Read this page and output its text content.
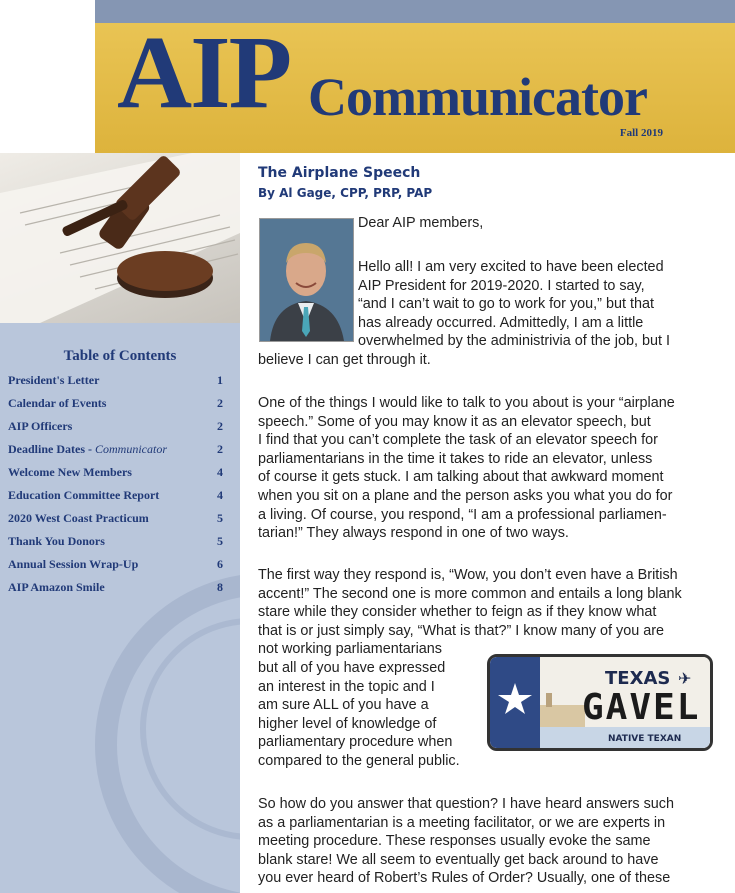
AIP Communicator
Fall 2019
Table of Contents
President's Letter	1
Calendar of Events	2
AIP Officers	2
Deadline Dates - Communicator	2
Welcome New Members	4
Education Committee Report	4
2020 West Coast Practicum	5
Thank You Donors	5
Annual Session Wrap-Up	6
AIP Amazon Smile	8
The Airplane Speech
By Al Gage, CPP, PRP, PAP
Dear AIP members,
Hello all! I am very excited to have been elected
AIP President for 2019-2020. I started to say,
“and I can’t wait to go to work for you,” but that
has already occurred. Admittedly, I am a little
overwhelmed by the administrivia of the job, but I
believe I can get through it.
One of the things I would like to talk to you about is your “airplane
speech.” Some of you may know it as an elevator speech, but
I find that you can’t complete the task of an elevator speech for
parliamentarians in the time it takes to ride an elevator, unless
of course it gets stuck. I am talking about that awkward moment
when you sit on a plane and the person asks you what you do for
a living. Of course, you respond, “I am a professional parliamen-
tarian!” They always respond in one of two ways.
The first way they respond is, “Wow, you don’t even have a British
accent!” The second one is more common and entails a long blank
stare while they consider whether to feign as if they know what
that is or just simply say, “What is that?” I know many of you are
not working parliamentarians
but all of you have expressed
an interest in the topic and I
am sure ALL of you have a
higher level of knowledge of
parliamentary procedure when
compared to the general public.
So how do you answer that question? I have heard answers such
as a parliamentarian is a meeting facilitator, or we are experts in
meeting procedure. These responses usually evoke the same
blank stare! We all seem to eventually get back around to have
you ever heard of Robert’s Rules of Order? Usually, one of these
TEXAS ✈
GAVEL
NATIVE TEXAN
